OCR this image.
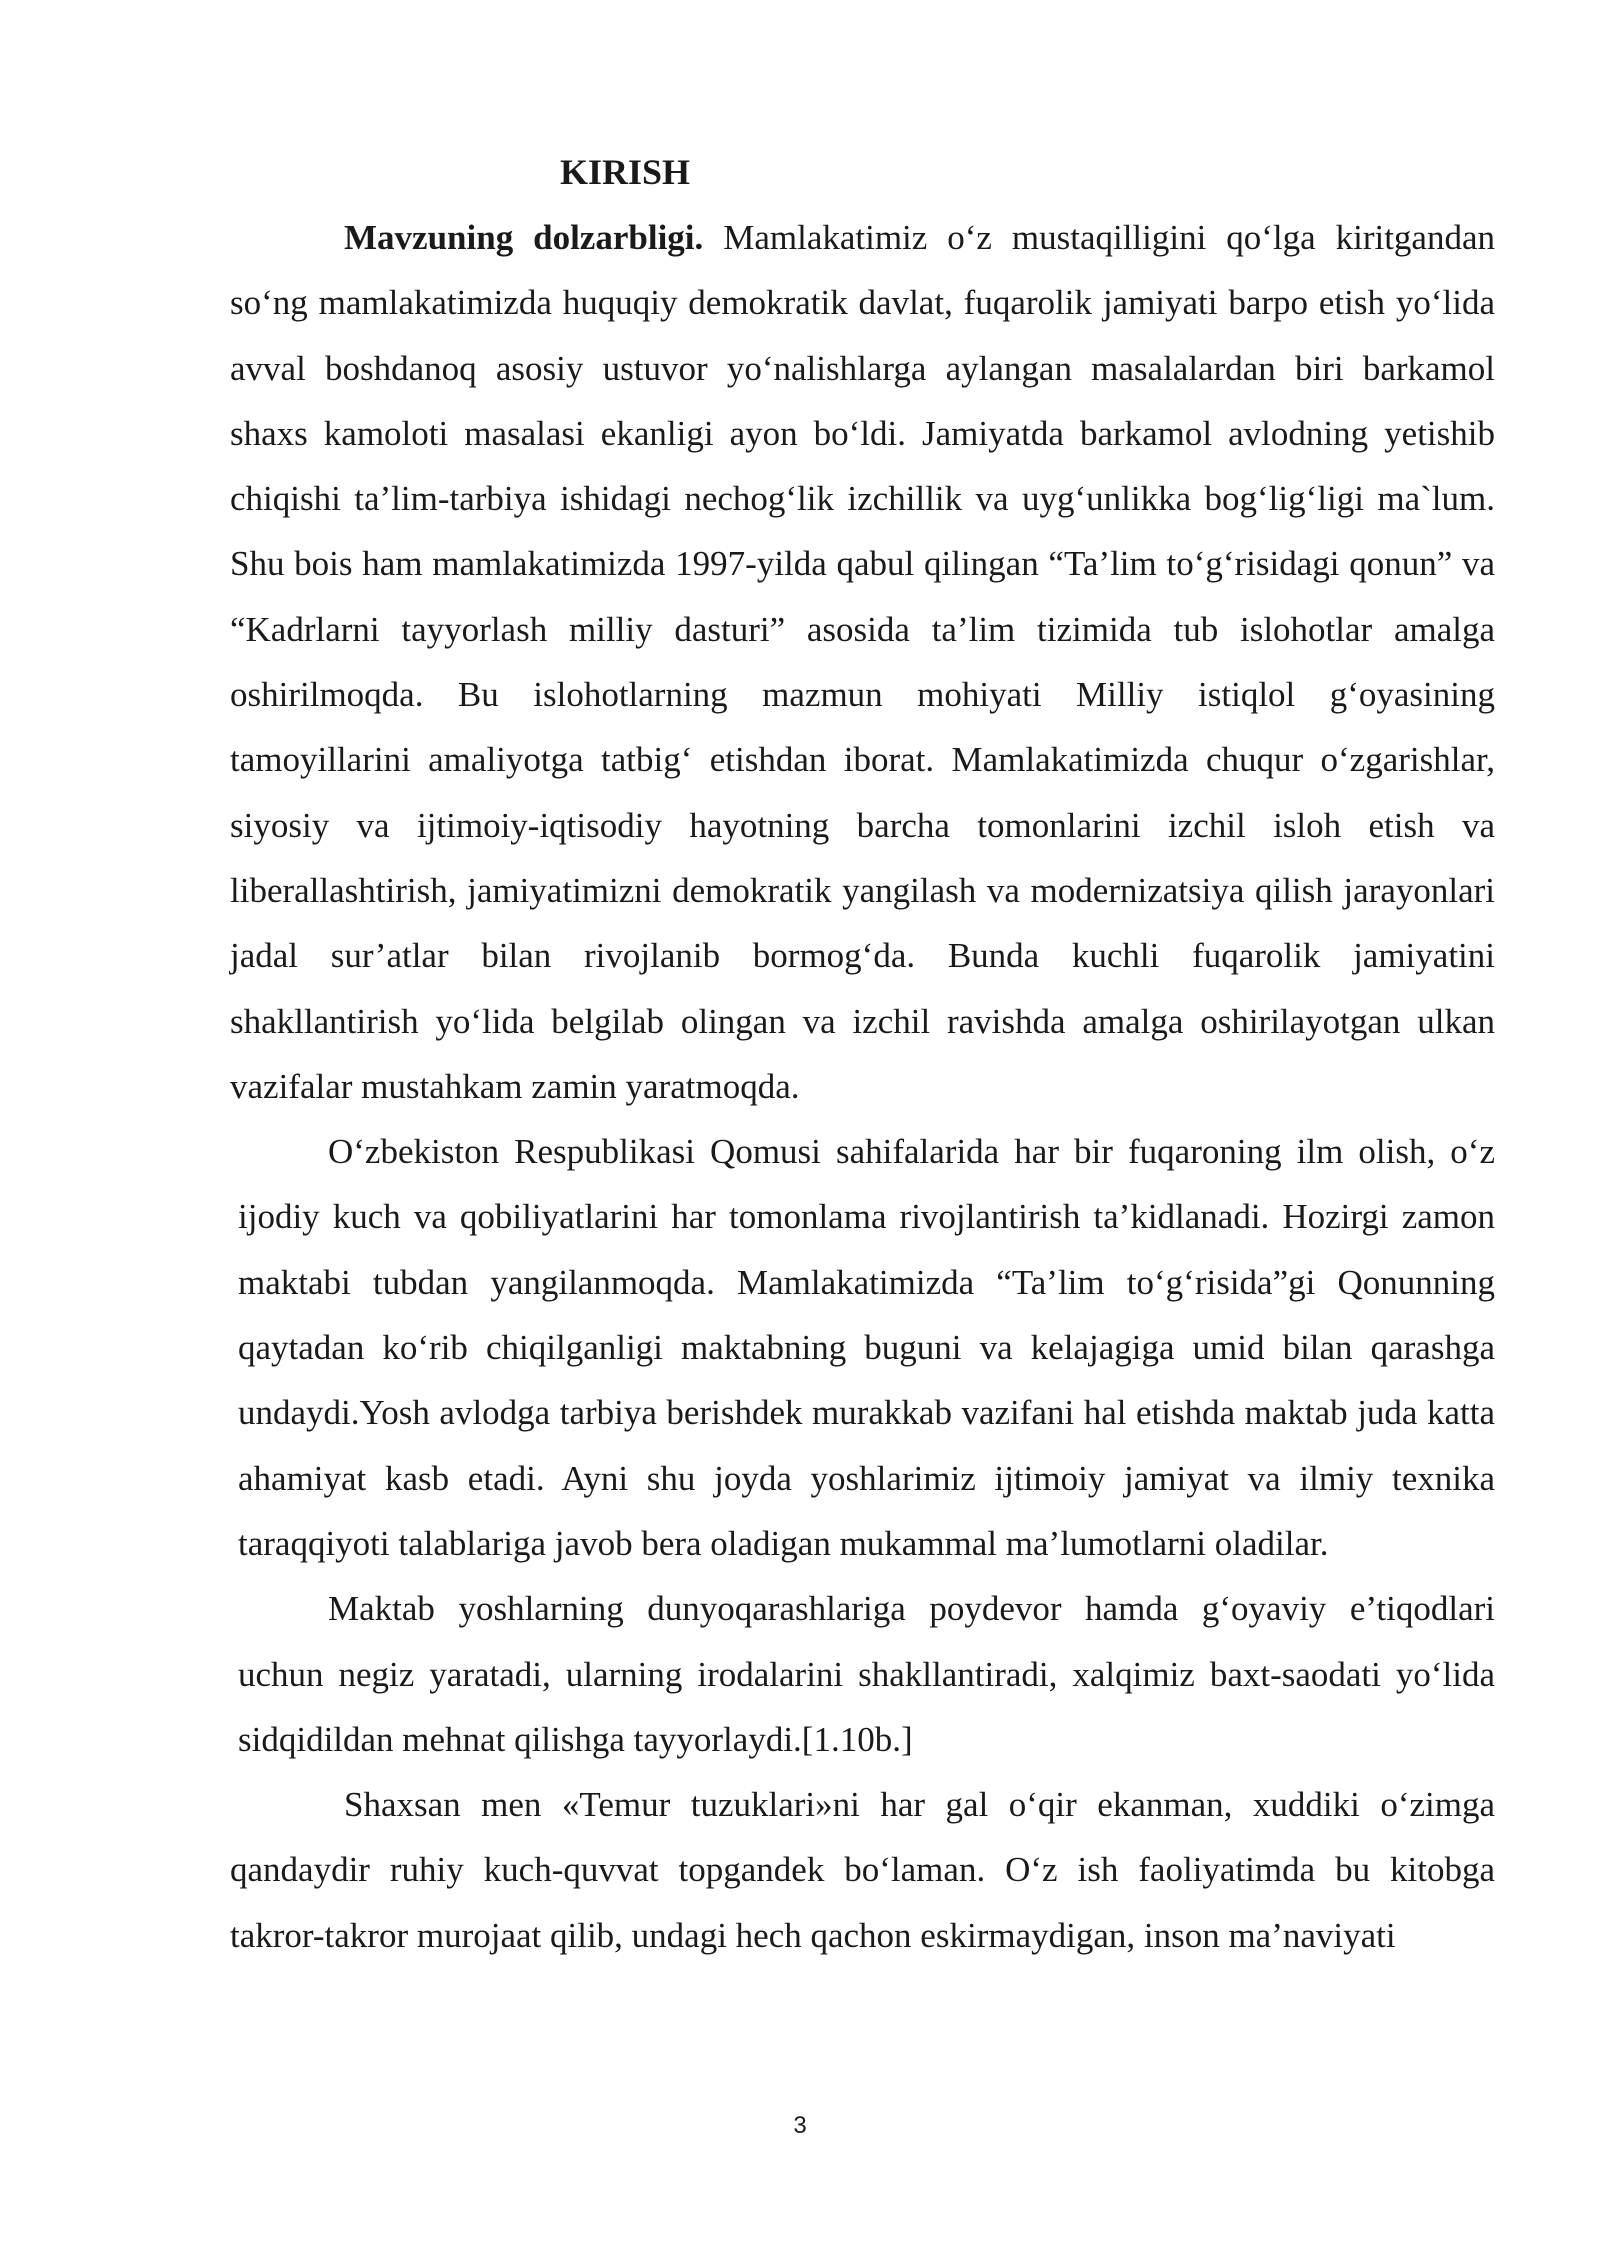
KIRISH

Mavzuning dolzarbligi. Mamlakatimiz o‘z mustaqilligini qo‘lga kiritgandan so‘ng mamlakatimizda huquqiy demokratik davlat, fuqarolik jamiyati barpo etish yo‘lida avval boshdanoq asosiy ustuvor yo‘nalishlarga aylangan masalalardan biri barkamol shaxs kamoloti masalasi ekanligi ayon bo‘ldi. Jamiyatda barkamol avlodning yetishib chiqishi ta’lim-tarbiya ishidagi nechog‘lik izchillik va uyg‘unlikka bog‘lig‘ligi ma`lum. Shu bois ham mamlakatimizda 1997-yilda qabul qilingan “Ta’lim to‘g‘risidagi qonun” va “Kadrlarni tayyorlash milliy dasturi” asosida ta’lim tizimida tub islohotlar amalga oshirilmoqda. Bu islohotlarning mazmun mohiyati Milliy istiqlol g‘oyasining tamoyillarini amaliyotga tatbig‘ etishdan iborat. Mamlakatimizda chuqur o‘zgarishlar, siyosiy va ijtimoiy-iqtisodiy hayotning barcha tomonlarini izchil isloh etish va liberallashtirish, jamiyatimizni demokratik yangilash va modernizatsiya qilish jarayonlari jadal sur’atlar bilan rivojlanib bormog‘da. Bunda kuchli fuqarolik jamiyatini shakllantirish yo‘lida belgilab olingan va izchil ravishda amalga oshirilayotgan ulkan vazifalar mustahkam zamin yaratmoqda.

O‘zbekiston Respublikasi Qomusi sahifalarida har bir fuqaroning ilm olish, o‘z ijodiy kuch va qobiliyatlarini har tomonlama rivojlantirish ta’kidlanadi. Hozirgi zamon maktabi tubdan yangilanmoqda. Mamlakatimizda “Ta’lim to‘g‘risida”gi Qonunning qaytadan ko‘rib chiqilganligi maktabning buguni va kelajagiga umid bilan qarashga undaydi.Yosh avlodga tarbiya berishdek murakkab vazifani hal etishda maktab juda katta ahamiyat kasb etadi. Ayni shu joyda yoshlarimiz ijtimoiy jamiyat va ilmiy texnika taraqqiyoti talablariga javob bera oladigan mukammal ma’lumotlarni oladilar.

Maktab yoshlarning dunyoqarashlariga poydevor hamda g‘oyaviy e’tiqodlari uchun negiz yaratadi, ularning irodalarini shakllantiradi, xalqimiz baxt-saodati yo‘lida sidqidildan mehnat qilishga tayyorlaydi.[1.10b.]

Shaxsan men «Temur tuzuklari»ni har gal o‘qir ekanman, xuddiki o‘zimga qandaydir ruhiy kuch-quvvat topgandek bo‘laman. O‘z ish faoliyatimda bu kitobga takror-takror murojaat qilib, undagi hech qachon eskirmaydigan, inson ma’naviyati

3
